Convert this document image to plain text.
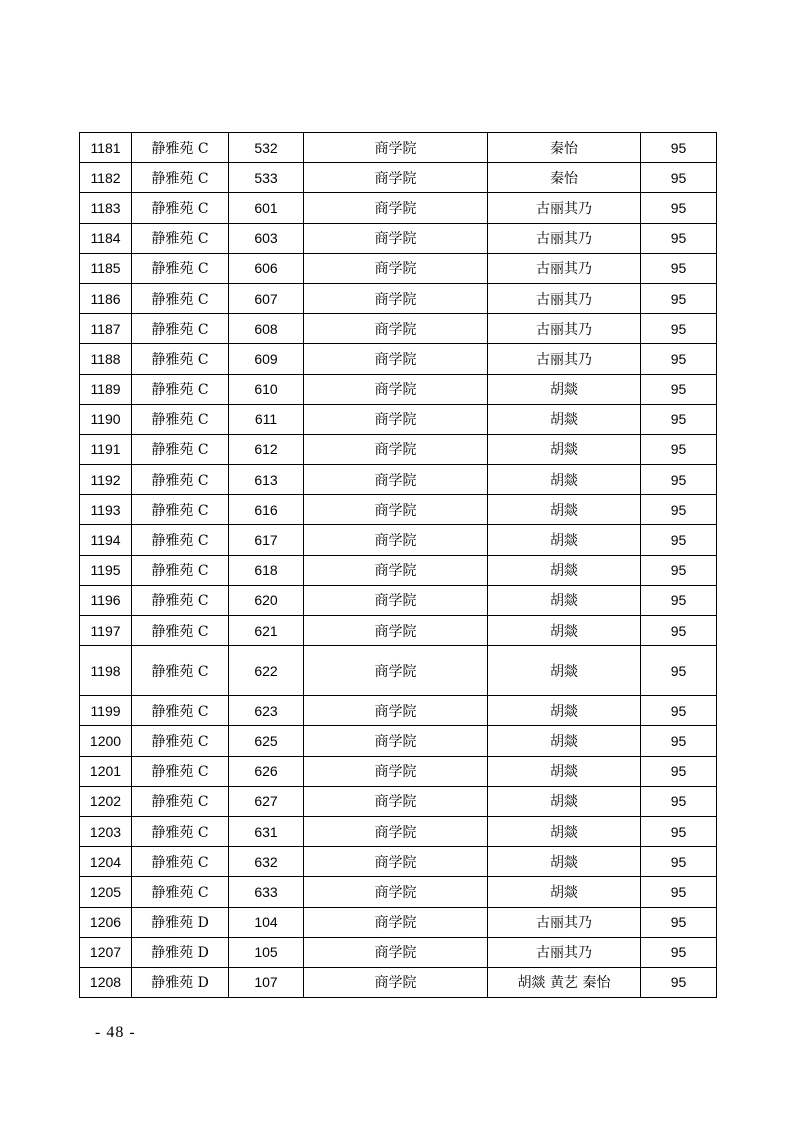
1181	静雅苑 C	532	商学院	秦怡	95
1182	静雅苑 C	533	商学院	秦怡	95
1183	静雅苑 C	601	商学院	古丽其乃	95
1184	静雅苑 C	603	商学院	古丽其乃	95
1185	静雅苑 C	606	商学院	古丽其乃	95
1186	静雅苑 C	607	商学院	古丽其乃	95
1187	静雅苑 C	608	商学院	古丽其乃	95
1188	静雅苑 C	609	商学院	古丽其乃	95
1189	静雅苑 C	610	商学院	胡燚	95
1190	静雅苑 C	611	商学院	胡燚	95
1191	静雅苑 C	612	商学院	胡燚	95
1192	静雅苑 C	613	商学院	胡燚	95
1193	静雅苑 C	616	商学院	胡燚	95
1194	静雅苑 C	617	商学院	胡燚	95
1195	静雅苑 C	618	商学院	胡燚	95
1196	静雅苑 C	620	商学院	胡燚	95
1197	静雅苑 C	621	商学院	胡燚	95
1198	静雅苑 C	622	商学院	胡燚	95
1199	静雅苑 C	623	商学院	胡燚	95
1200	静雅苑 C	625	商学院	胡燚	95
1201	静雅苑 C	626	商学院	胡燚	95
1202	静雅苑 C	627	商学院	胡燚	95
1203	静雅苑 C	631	商学院	胡燚	95
1204	静雅苑 C	632	商学院	胡燚	95
1205	静雅苑 C	633	商学院	胡燚	95
1206	静雅苑 D	104	商学院	古丽其乃	95
1207	静雅苑 D	105	商学院	古丽其乃	95
1208	静雅苑 D	107	商学院	胡燚 黄艺 秦怡	95
- 48 -
